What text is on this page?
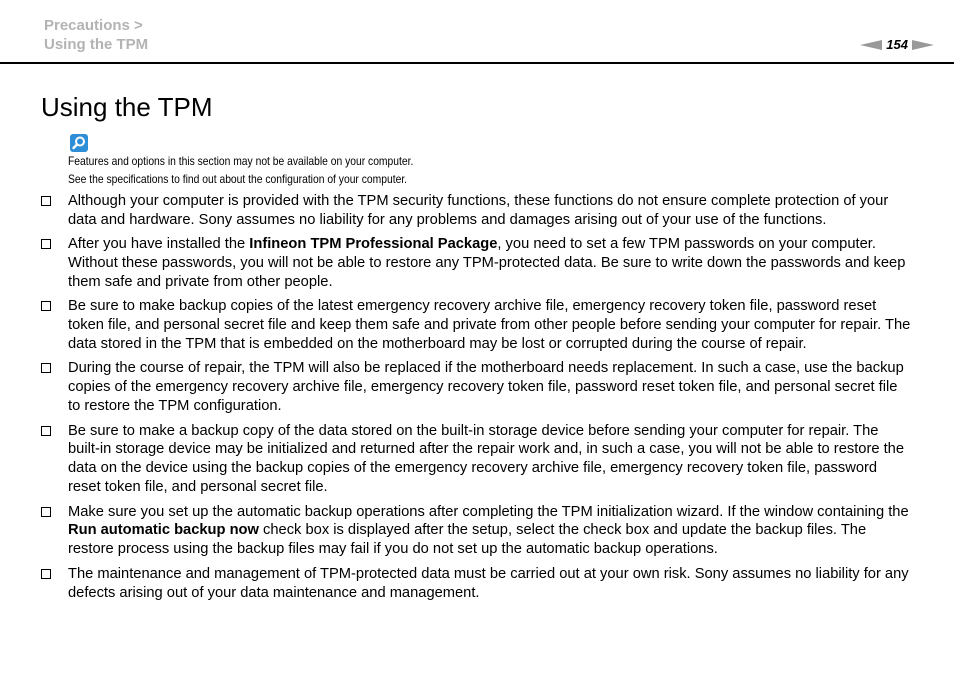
Precautions >
Using the TPM	154
Using the TPM
Features and options in this section may not be available on your computer.
See the specifications to find out about the configuration of your computer.
Although your computer is provided with the TPM security functions, these functions do not ensure complete protection of your data and hardware. Sony assumes no liability for any problems and damages arising out of your use of the functions.
After you have installed the Infineon TPM Professional Package, you need to set a few TPM passwords on your computer. Without these passwords, you will not be able to restore any TPM-protected data. Be sure to write down the passwords and keep them safe and private from other people.
Be sure to make backup copies of the latest emergency recovery archive file, emergency recovery token file, password reset token file, and personal secret file and keep them safe and private from other people before sending your computer for repair. The data stored in the TPM that is embedded on the motherboard may be lost or corrupted during the course of repair.
During the course of repair, the TPM will also be replaced if the motherboard needs replacement. In such a case, use the backup copies of the emergency recovery archive file, emergency recovery token file, password reset token file, and personal secret file to restore the TPM configuration.
Be sure to make a backup copy of the data stored on the built-in storage device before sending your computer for repair. The built-in storage device may be initialized and returned after the repair work and, in such a case, you will not be able to restore the data on the device using the backup copies of the emergency recovery archive file, emergency recovery token file, password reset token file, and personal secret file.
Make sure you set up the automatic backup operations after completing the TPM initialization wizard. If the window containing the Run automatic backup now check box is displayed after the setup, select the check box and update the backup files. The restore process using the backup files may fail if you do not set up the automatic backup operations.
The maintenance and management of TPM-protected data must be carried out at your own risk. Sony assumes no liability for any defects arising out of your data maintenance and management.
